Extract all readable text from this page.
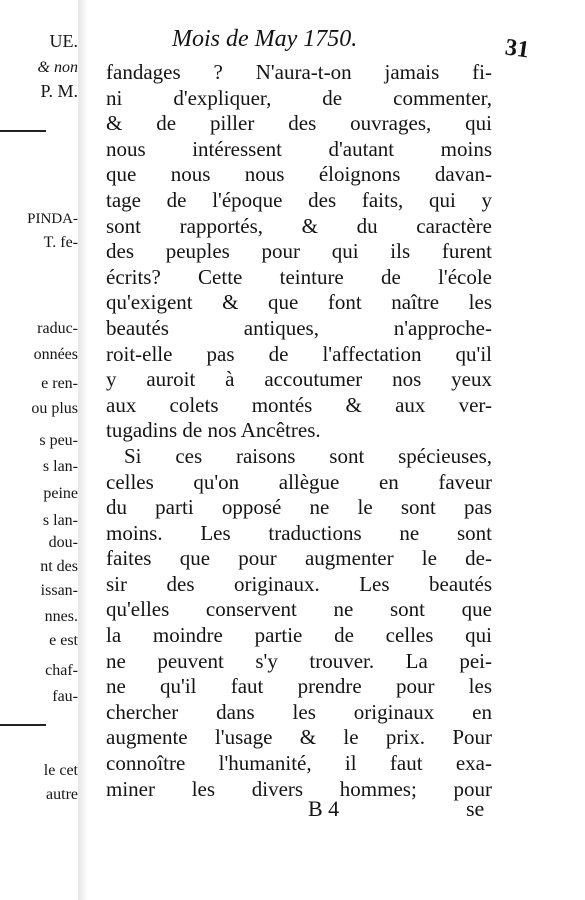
UE.
& non
P. M.
PINDA-
T. fe-
raduc-
onnées
e ren-
ou plus
s peu-
s lan-
peine
s lan-
dou-
nt des
issan-
nnes.
e est
chaf-
fau-
le cet
autre
Mois de May 1750.	31
fandages ? N'aura-t-on jamais fi-
ni d'expliquer, de commenter,
& de piller des ouvrages, qui
nous intéressent d'autant moins
que nous nous éloignons davan-
tage de l'époque des faits, qui y
sont rapportés, & du caractère
des peuples pour qui ils furent
écrits? Cette teinture de l'école
qu'exigent & que font naître les
beautés antiques, n'approche-
roit-elle pas de l'affectation qu'il
y auroit à accoutumer nos yeux
aux colets montés & aux ver-
tugadins de nos Ancêtres.
Si ces raisons sont spécieuses,
celles qu'on allègue en faveur
du parti opposé ne le sont pas
moins. Les traductions ne sont
faites que pour augmenter le de-
sir des originaux. Les beautés
qu'elles conservent ne sont que
la moindre partie de celles qui
ne peuvent s'y trouver. La pei-
ne qu'il faut prendre pour les
chercher dans les originaux en
augmente l'usage & le prix. Pour
connoître l'humanité, il faut exa-
miner les divers hommes; pour
B 4	se
